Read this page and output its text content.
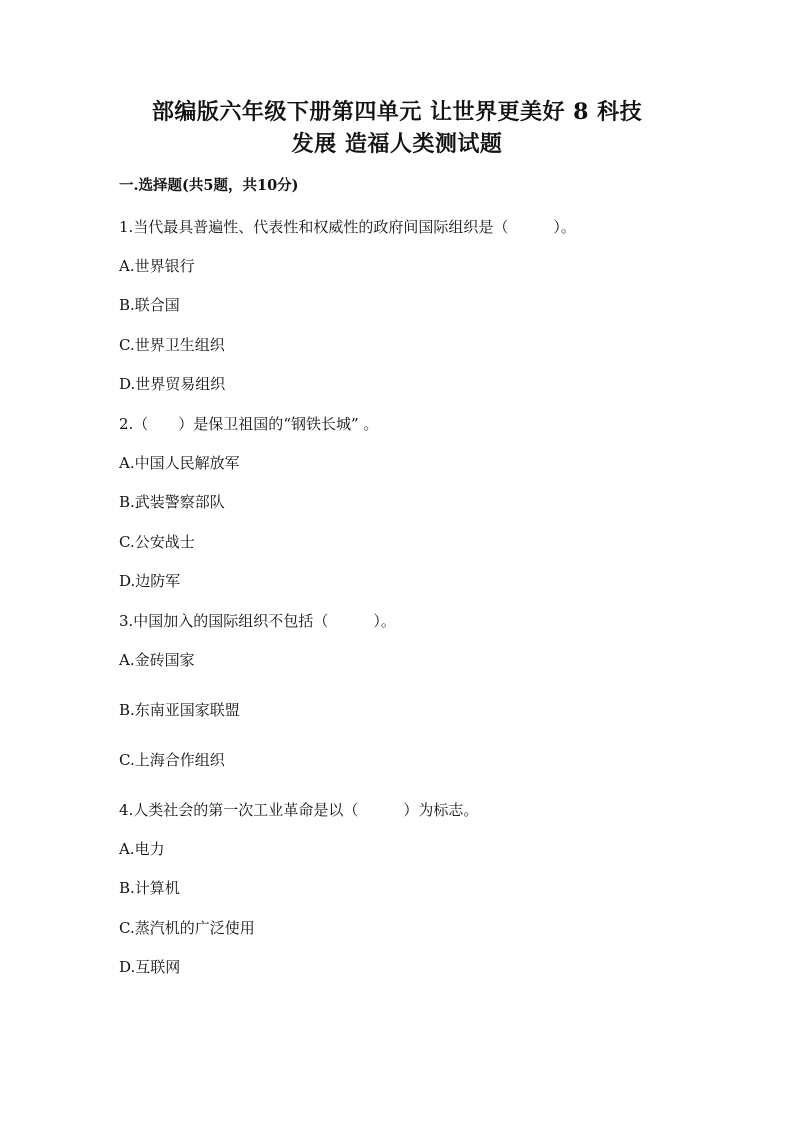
部编版六年级下册第四单元 让世界更美好 8 科技
发展 造福人类测试题
一.选择题(共5题，共10分)
1.当代最具普遍性、代表性和权威性的政府间国际组织是（　　　）。
A.世界银行
B.联合国
C.世界卫生组织
D.世界贸易组织
2.（　　）是保卫祖国的“钢铁长城” 。
A.中国人民解放军
B.武装警察部队
C.公安战士
D.边防军
3.中国加入的国际组织不包括（　　　）。
A.金砖国家
B.东南亚国家联盟
C.上海合作组织
4.人类社会的第一次工业革命是以（　　　）为标志。
A.电力
B.计算机
C.蒸汽机的广泛使用
D.互联网
